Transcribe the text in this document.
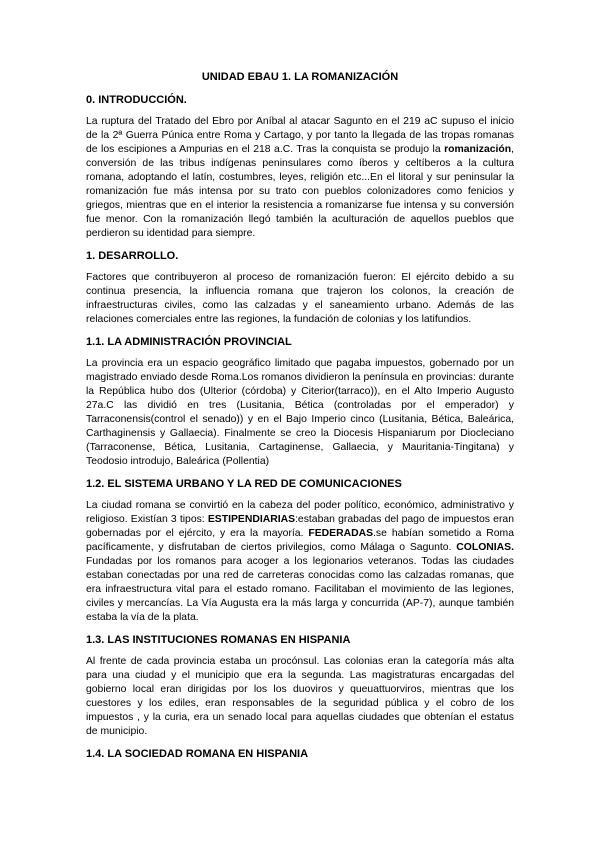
UNIDAD EBAU 1. LA ROMANIZACIÓN
0. INTRODUCCIÓN.
La ruptura del Tratado del Ebro por Aníbal al atacar Sagunto en el 219 aC supuso el inicio de la 2ª Guerra Púnica entre Roma y Cartago, y por tanto la llegada de las tropas romanas de los escipiones a Ampurias en el 218 a.C. Tras la conquista se produjo la romanización, conversión de las tribus indígenas peninsulares como íberos y celtíberos a la cultura romana, adoptando el latín, costumbres, leyes, religión etc...En el litoral y sur peninsular la romanización fue más intensa por su trato con pueblos colonizadores como fenicios y griegos, mientras que en el interior la resistencia a romanizarse fue intensa y su conversión fue menor. Con la romanización llegó también la aculturación de aquellos pueblos que perdieron su identidad para siempre.
1. DESARROLLO.
Factores que contribuyeron al proceso de romanización fueron: El ejército debido a su continua presencia, la influencia romana que trajeron los colonos, la creación de infraestructuras civiles, como las calzadas y el saneamiento urbano. Además de las relaciones comerciales entre las regiones, la fundación de colonias y los latifundios.
1.1. LA ADMINISTRACIÓN PROVINCIAL
La provincia era un espacio geográfico limitado que pagaba impuestos, gobernado por un magistrado enviado desde Roma.Los romanos dividieron la península en provincias: durante la República hubo dos (Ulterior (córdoba) y Citerior(tarraco)), en el Alto Imperio Augusto 27a.C las dividió en tres (Lusitania, Bética (controladas por el emperador) y Tarraconensis(control el senado)) y en el Bajo Imperio cinco (Lusitania, Bética, Baleárica, Carthaginensis y Gallaecia). Finalmente se creo la Diocesis Hispaniarum por Diocleciano (Tarraconense, Bética, Lusitania, Cartaginense, Gallaecia, y Mauritania-Tingitana) y Teodosio introdujo, Baleárica (Pollentia)
1.2. EL SISTEMA URBANO Y LA RED DE COMUNICACIONES
La ciudad romana se convirtió en la cabeza del poder político, económico, administrativo y religioso. Existían 3 tipos: ESTIPENDIARIAS:estaban grabadas del pago de impuestos eran gobernadas por el ejército, y era la mayoría. FEDERADAS.se habían sometido a Roma pacíficamente, y disfrutaban de ciertos privilegios, como Málaga o Sagunto. COLONIAS. Fundadas por los romanos para acoger a los legionarios veteranos. Todas las ciudades estaban conectadas por una red de carreteras conocidas como las calzadas romanas, que era infraestructura vital para el estado romano. Facilitaban el movimiento de las legiones, civiles y mercancías. La Vía Augusta era la más larga y concurrida (AP-7), aunque también estaba la vía de la plata.
1.3. LAS INSTITUCIONES ROMANAS EN HISPANIA
Al frente de cada provincia estaba un procónsul. Las colonias eran la categoría más alta para una ciudad y el municipio que era la segunda. Las magistraturas encargadas del gobierno local eran dirigidas por los los duoviros y queuattuorviros, mientras que los cuestores y los ediles, eran responsables de la seguridad pública y el cobro de los impuestos , y la curia, era un senado local para aquellas ciudades que obtenían el estatus de municipio.
1.4. LA SOCIEDAD ROMANA EN HISPANIA
